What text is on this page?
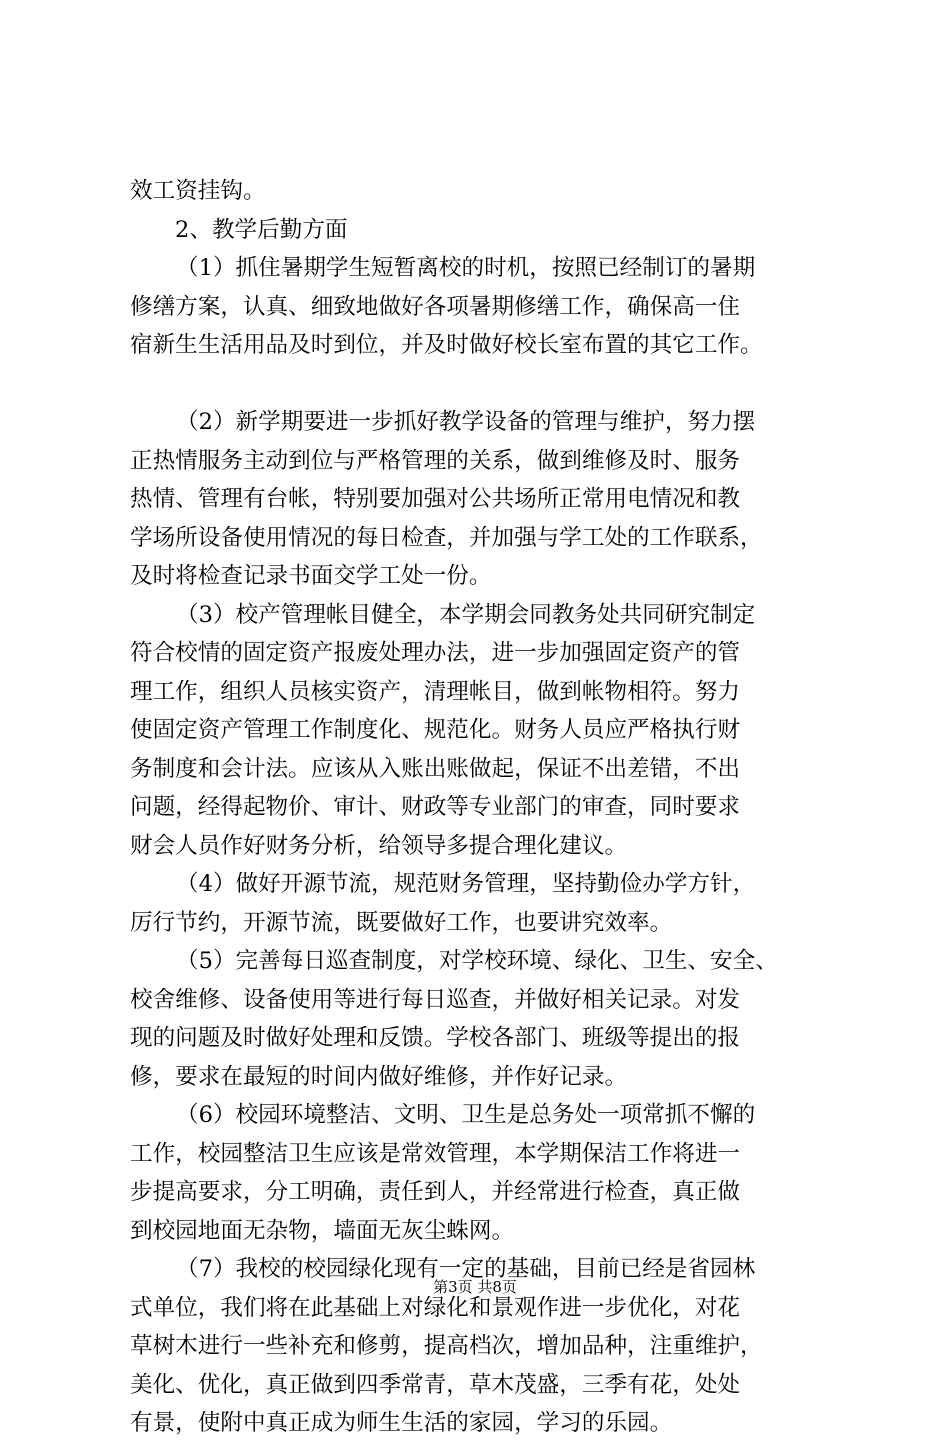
效工资挂钩。
2、教学后勤方面
（1）抓住暑期学生短暂离校的时机，按照已经制订的暑期
修缮方案，认真、细致地做好各项暑期修缮工作，确保高一住
宿新生生活用品及时到位，并及时做好校长室布置的其它工作。
（2）新学期要进一步抓好教学设备的管理与维护，努力摆
正热情服务主动到位与严格管理的关系，做到维修及时、服务
热情、管理有台帐，特别要加强对公共场所正常用电情况和教
学场所设备使用情况的每日检查，并加强与学工处的工作联系，
及时将检查记录书面交学工处一份。
（3）校产管理帐目健全，本学期会同教务处共同研究制定
符合校情的固定资产报废处理办法，进一步加强固定资产的管
理工作，组织人员核实资产，清理帐目，做到帐物相符。努力
使固定资产管理工作制度化、规范化。财务人员应严格执行财
务制度和会计法。应该从入账出账做起，保证不出差错，不出
问题，经得起物价、审计、财政等专业部门的审查，同时要求
财会人员作好财务分析，给领导多提合理化建议。
（4）做好开源节流，规范财务管理，坚持勤俭办学方针，
厉行节约，开源节流，既要做好工作，也要讲究效率。
（5）完善每日巡查制度，对学校环境、绿化、卫生、安全、
校舍维修、设备使用等进行每日巡查，并做好相关记录。对发
现的问题及时做好处理和反馈。学校各部门、班级等提出的报
修，要求在最短的时间内做好维修，并作好记录。
（6）校园环境整洁、文明、卫生是总务处一项常抓不懈的
工作，校园整洁卫生应该是常效管理，本学期保洁工作将进一
步提高要求，分工明确，责任到人，并经常进行检查，真正做
到校园地面无杂物，墙面无灰尘蛛网。
（7）我校的校园绿化现有一定的基础，目前已经是省园林
式单位，我们将在此基础上对绿化和景观作进一步优化，对花
草树木进行一些补充和修剪，提高档次，增加品种，注重维护，
美化、优化，真正做到四季常青，草木茂盛，三季有花，处处
有景，使附中真正成为师生生活的家园，学习的乐园。
第3页 共8页
